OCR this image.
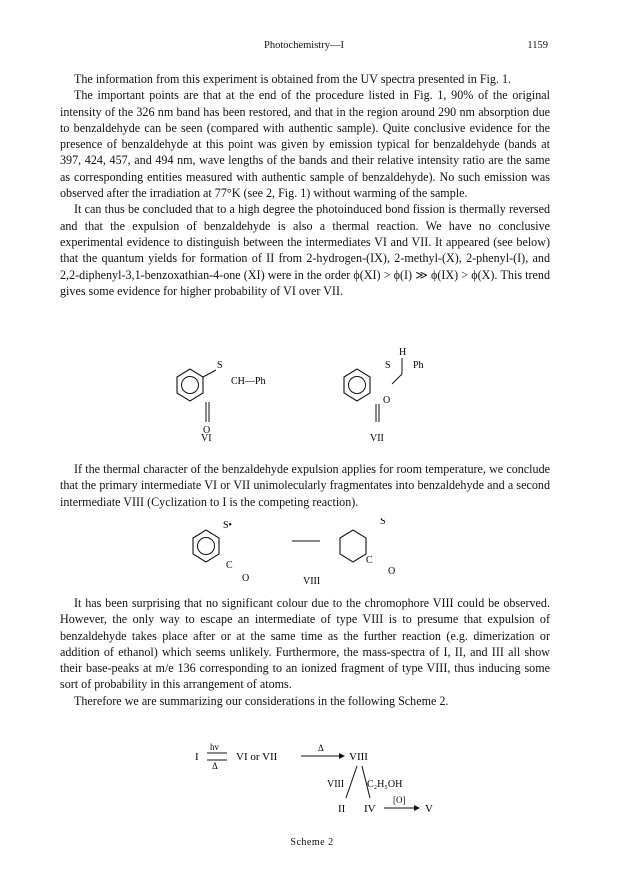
Photochemistry—I	1159

The information from this experiment is obtained from the UV spectra presented in Fig. 1.

The important points are that at the end of the procedure listed in Fig. 1, 90% of the original intensity of the 326 nm band has been restored, and that in the region around 290 nm absorption due to benzaldehyde can be seen (compared with authentic sample). Quite conclusive evidence for the presence of benzaldehyde at this point was given by emission typical for benzaldehyde (bands at 397, 424, 457, and 494 nm, wave lengths of the bands and their relative intensity ratio are the same as corresponding entities measured with authentic sample of benzaldehyde). No such emission was observed after the irradiation at 77°K (see 2, Fig. 1) without warming of the sample.

It can thus be concluded that to a high degree the photoinduced bond fission is thermally reversed and that the expulsion of benzaldehyde is also a thermal reaction. We have no conclusive experimental evidence to distinguish between the intermediates VI and VII. It appeared (see below) that the quantum yields for formation of II from 2-hydrogen-(IX), 2-methyl-(X), 2-phenyl-(I), and 2,2-diphenyl-3,1-benzoxathian-4-one (XI) were in the order ϕ(XI) > ϕ(I) ≫ ϕ(IX) > ϕ(X). This trend gives some evidence for higher probability of VI over VII.

S
CH—Ph
O
VI
S
H
Ph
O
VII

If the thermal character of the benzaldehyde expulsion applies for room temperature, we conclude that the primary intermediate VI or VII unimolecularly fragmentates into benzaldehyde and a second intermediate VIII (Cyclization to I is the competing reaction).

S•
C
O
S
C
O
VIII

It has been surprising that no significant colour due to the chromophore VIII could be observed. However, the only way to escape an intermediate of type VIII is to presume that expulsion of benzaldehyde takes place after or at the same time as the further reaction (e.g. dimerization or addition of ethanol) which seems unlikely. Furthermore, the mass-spectra of I, II, and III all show their base-peaks at m/e 136 corresponding to an ionized fragment of type VIII, thus inducing some sort of probability in this arrangement of atoms.

Therefore we are summarizing our considerations in the following Scheme 2.

I
hv
Δ
VI or VII
Δ
VIII
VIII C₂H₅OH
II IV
[O]
V
Scheme 2
